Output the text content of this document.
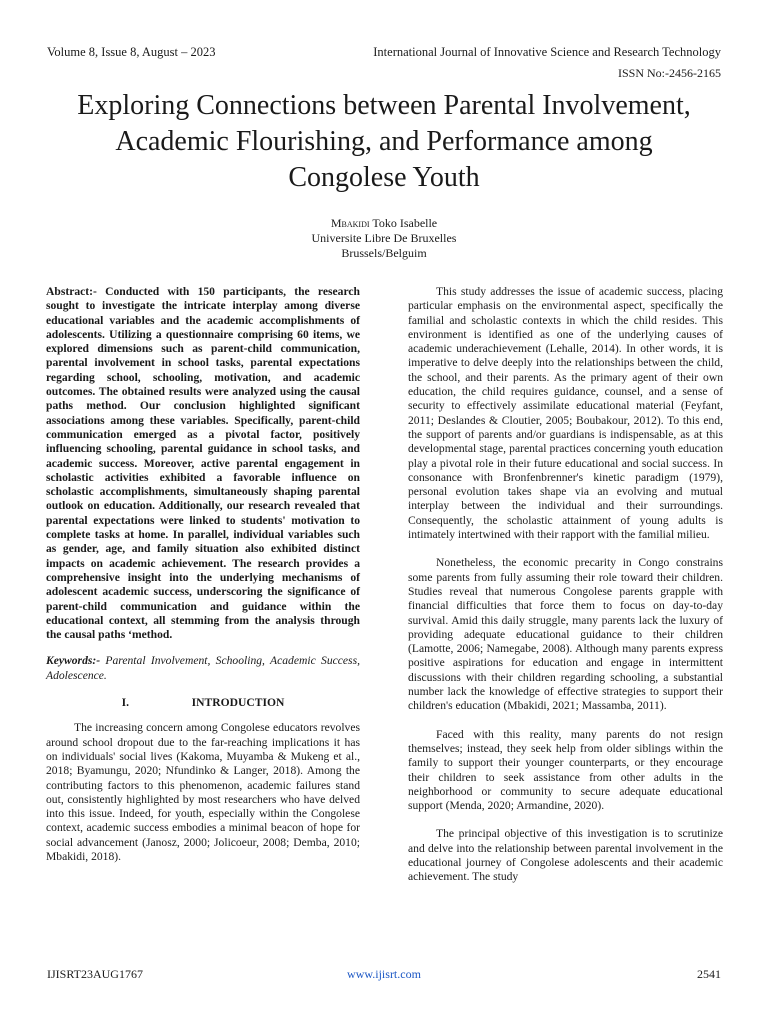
Volume 8, Issue 8, August – 2023	International Journal of Innovative Science and Research Technology
ISSN No:-2456-2165
Exploring Connections between Parental Involvement, Academic Flourishing, and Performance among Congolese Youth
Mbakidi Toko Isabelle
Universite Libre De Bruxelles
Brussels/Belguim

Abstract:- Conducted with 150 participants, the research sought to investigate the intricate interplay among diverse educational variables and the academic accomplishments of adolescents. Utilizing a questionnaire comprising 60 items, we explored dimensions such as parent-child communication, parental involvement in school tasks, parental expectations regarding school, schooling, motivation, and academic outcomes. The obtained results were analyzed using the causal paths method. Our conclusion highlighted significant associations among these variables. Specifically, parent-child communication emerged as a pivotal factor, positively influencing schooling, parental guidance in school tasks, and academic success. Moreover, active parental engagement in scholastic activities exhibited a favorable influence on scholastic accomplishments, simultaneously shaping parental outlook on education. Additionally, our research revealed that parental expectations were linked to students' motivation to complete tasks at home. In parallel, individual variables such as gender, age, and family situation also exhibited distinct impacts on academic achievement. The research provides a comprehensive insight into the underlying mechanisms of adolescent academic success, underscoring the significance of parent-child communication and guidance within the educational context, all stemming from the analysis through the causal paths ‘method.

Keywords:- Parental Involvement, Schooling, Academic Success, Adolescence.

I.	INTRODUCTION

The increasing concern among Congolese educators revolves around school dropout due to the far-reaching implications it has on individuals' social lives (Kakoma, Muyamba & Mukeng et al., 2018; Byamungu, 2020; Nfundinko & Langer, 2018). Among the contributing factors to this phenomenon, academic failures stand out, consistently highlighted by most researchers who have delved into this issue. Indeed, for youth, especially within the Congolese context, academic success embodies a minimal beacon of hope for social advancement (Janosz, 2000; Jolicoeur, 2008; Demba, 2010; Mbakidi, 2018).

This study addresses the issue of academic success, placing particular emphasis on the environmental aspect, specifically the familial and scholastic contexts in which the child resides. This environment is identified as one of the underlying causes of academic underachievement (Lehalle, 2014). In other words, it is imperative to delve deeply into the relationships between the child, the school, and their parents. As the primary agent of their own education, the child requires guidance, counsel, and a sense of security to effectively assimilate educational material (Feyfant, 2011; Deslandes & Cloutier, 2005; Boubakour, 2012). To this end, the support of parents and/or guardians is indispensable, as at this developmental stage, parental practices concerning youth education play a pivotal role in their future educational and social success. In consonance with Bronfenbrenner's kinetic paradigm (1979), personal evolution takes shape via an evolving and mutual interplay between the individual and their surroundings. Consequently, the scholastic attainment of young adults is intimately intertwined with their rapport with the familial milieu.

Nonetheless, the economic precarity in Congo constrains some parents from fully assuming their role toward their children. Studies reveal that numerous Congolese parents grapple with financial difficulties that force them to focus on day-to-day survival. Amid this daily struggle, many parents lack the luxury of providing adequate educational guidance to their children (Lamotte, 2006; Namegabe, 2008). Although many parents express positive aspirations for education and engage in intermittent discussions with their children regarding schooling, a substantial number lack the knowledge of effective strategies to support their children's education (Mbakidi, 2021; Massamba, 2011).

Faced with this reality, many parents do not resign themselves; instead, they seek help from older siblings within the family to support their younger counterparts, or they encourage their children to seek assistance from other adults in the neighborhood or community to secure adequate educational support (Menda, 2020; Armandine, 2020).

The principal objective of this investigation is to scrutinize and delve into the relationship between parental involvement in the educational journey of Congolese adolescents and their academic achievement. The study

IJISRT23AUG1767	www.ijisrt.com	2541
